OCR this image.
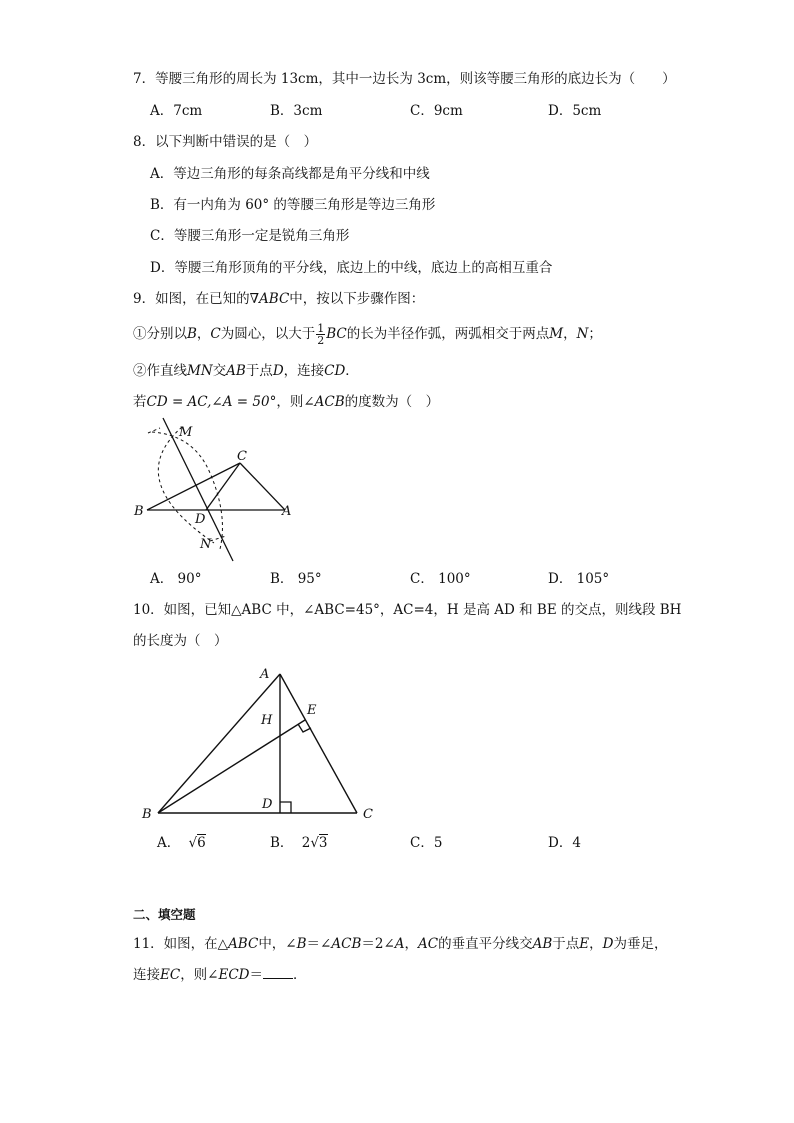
7．等腰三角形的周长为 13cm，其中一边长为 3cm，则该等腰三角形的底边长为（　　）
A．7cm	B．3cm	C．9cm	D．5cm
8．以下判断中错误的是（　）
A．等边三角形的每条高线都是角平分线和中线
B．有一内角为 60° 的等腰三角形是等边三角形
C．等腰三角形一定是锐角三角形
D．等腰三角形顶角的平分线，底边上的中线，底边上的高相互重合
9．如图，在已知的∇ABC中，按以下步骤作图：
①分别以B，C为圆心，以大于 $\frac{1}{2}$ BC的长为半径作弧，两弧相交于两点M，N；
②作直线MN交AB于点D，连接CD．
若CD = AC,∠A = 50°，则∠ACB的度数为（　）
M
C
B
D
A
N
A． 90°	B． 95°	C． 100°	D． 105°
10．如图，已知△ABC 中，∠ABC=45°，AC=4，H 是高 AD 和 BE 的交点，则线段 BH
的长度为（　）
A
H
E
B
D
C
A． √6	B． 2√3	C．5	D．4
二、填空题
11．如图，在△ABC中，∠B＝∠ACB＝2∠A，AC的垂直平分线交AB于点E，D为垂足，
连接EC，则∠ECD＝ ．
